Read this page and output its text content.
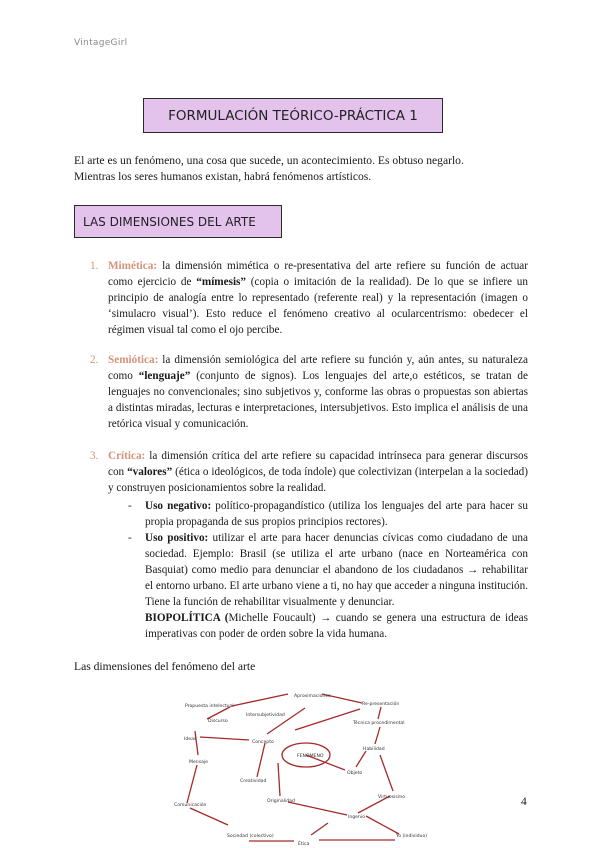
VintageGirl
FORMULACIÓN TEÓRICO-PRÁCTICA 1
El arte es un fenómeno, una cosa que sucede, un acontecimiento. Es obtuso negarlo.
Mientras los seres humanos existan, habrá fenómenos artísticos.
LAS DIMENSIONES DEL ARTE
1. Mimética: la dimensión mimética o re-presentativa del arte refiere su función de actuar como ejercicio de “mímesis” (copia o imitación de la realidad). De lo que se infiere un principio de analogía entre lo representado (referente real) y la representación (imagen o ‘simulacro visual’). Esto reduce el fenómeno creativo al ocularcentrismo: obedecer el régimen visual tal como el ojo percibe.
2. Semiótica: la dimensión semiológica del arte refiere su función y, aún antes, su naturaleza como “lenguaje” (conjunto de signos). Los lenguajes del arte,o estéticos, se tratan de lenguajes no convencionales; sino subjetivos y, conforme las obras o propuestas son abiertas a distintas miradas, lecturas e interpretaciones, intersubjetivos. Esto implica el análisis de una retórica visual y comunicación.
3. Crítica: la dimensión crítica del arte refiere su capacidad intrínseca para generar discursos con “valores” (ética o ideológicos, de toda índole) que colectivizan (interpelan a la sociedad) y construyen posicionamientos sobre la realidad.
- Uso negativo: político-propagandístico (utiliza los lenguajes del arte para hacer su propia propaganda de sus propios principios rectores).
- Uso positivo: utilizar el arte para hacer denuncias cívicas como ciudadano de una sociedad. Ejemplo: Brasil (se utiliza el arte urbano (nace en Norteamérica con Basquiat) como medio para denunciar el abandono de los ciudadanos → rehabilitar el entorno urbano. El arte urbano viene a ti, no hay que acceder a ninguna institución. Tiene la función de rehabilitar visualmente y denunciar.
BIOPOLÍTICA (Michelle Foucault) → cuando se genera una estructura de ideas imperativas con poder de orden sobre la vida humana.
Las dimensiones del fenómeno del arte
Propuesta intelectual
Aproximaciones
Re-presentación
Discurso
Intersubjetividad
Ideas
Concepto
FENÓMENO
Técnica procedimental
Mensaje
Habilidad
Objeto
Creatividad
Virtuosismo
Comunicación
Originalidad
Ingenio
Sociedad (colectivo)
Ética
Yo (individuo)
4
